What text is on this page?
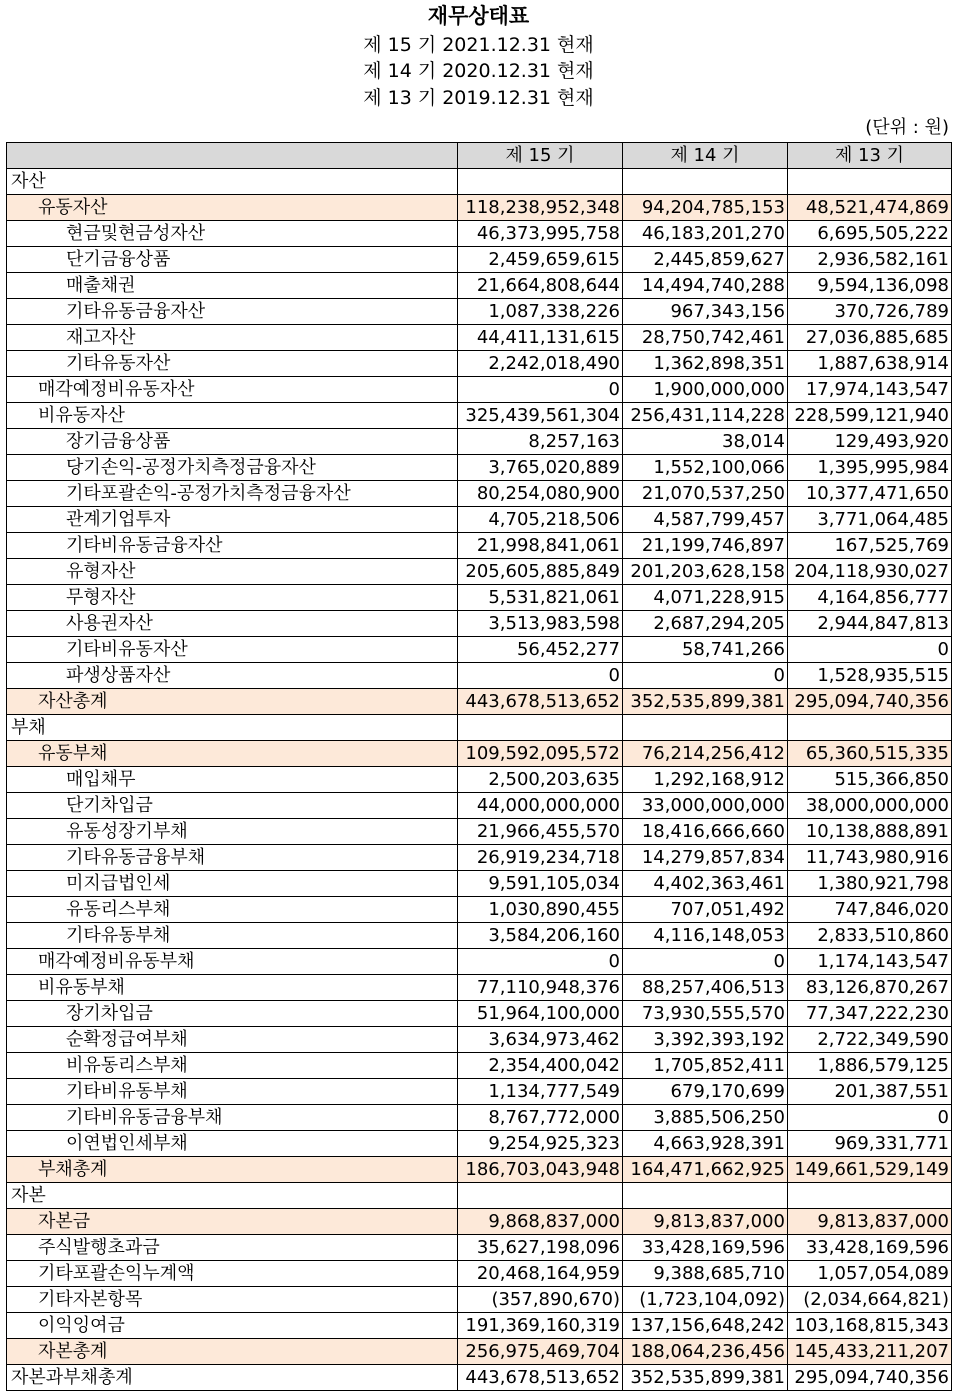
재무상태표
제 15 기 2021.12.31 현재
제 14 기 2020.12.31 현재
제 13 기 2019.12.31 현재
(단위 : 원)
	제 15 기	제 14 기	제 13 기
자산			
유동자산	118,238,952,348	94,204,785,153	48,521,474,869
현금및현금성자산	46,373,995,758	46,183,201,270	6,695,505,222
단기금융상품	2,459,659,615	2,445,859,627	2,936,582,161
매출채권	21,664,808,644	14,494,740,288	9,594,136,098
기타유동금융자산	1,087,338,226	967,343,156	370,726,789
재고자산	44,411,131,615	28,750,742,461	27,036,885,685
기타유동자산	2,242,018,490	1,362,898,351	1,887,638,914
매각예정비유동자산	0	1,900,000,000	17,974,143,547
비유동자산	325,439,561,304	256,431,114,228	228,599,121,940
장기금융상품	8,257,163	38,014	129,493,920
당기손익-공정가치측정금융자산	3,765,020,889	1,552,100,066	1,395,995,984
기타포괄손익-공정가치측정금융자산	80,254,080,900	21,070,537,250	10,377,471,650
관계기업투자	4,705,218,506	4,587,799,457	3,771,064,485
기타비유동금융자산	21,998,841,061	21,199,746,897	167,525,769
유형자산	205,605,885,849	201,203,628,158	204,118,930,027
무형자산	5,531,821,061	4,071,228,915	4,164,856,777
사용권자산	3,513,983,598	2,687,294,205	2,944,847,813
기타비유동자산	56,452,277	58,741,266	0
파생상품자산	0	0	1,528,935,515
자산총계	443,678,513,652	352,535,899,381	295,094,740,356
부채			
유동부채	109,592,095,572	76,214,256,412	65,360,515,335
매입채무	2,500,203,635	1,292,168,912	515,366,850
단기차입금	44,000,000,000	33,000,000,000	38,000,000,000
유동성장기부채	21,966,455,570	18,416,666,660	10,138,888,891
기타유동금융부채	26,919,234,718	14,279,857,834	11,743,980,916
미지급법인세	9,591,105,034	4,402,363,461	1,380,921,798
유동리스부채	1,030,890,455	707,051,492	747,846,020
기타유동부채	3,584,206,160	4,116,148,053	2,833,510,860
매각예정비유동부채	0	0	1,174,143,547
비유동부채	77,110,948,376	88,257,406,513	83,126,870,267
장기차입금	51,964,100,000	73,930,555,570	77,347,222,230
순확정급여부채	3,634,973,462	3,392,393,192	2,722,349,590
비유동리스부채	2,354,400,042	1,705,852,411	1,886,579,125
기타비유동부채	1,134,777,549	679,170,699	201,387,551
기타비유동금융부채	8,767,772,000	3,885,506,250	0
이연법인세부채	9,254,925,323	4,663,928,391	969,331,771
부채총계	186,703,043,948	164,471,662,925	149,661,529,149
자본			
자본금	9,868,837,000	9,813,837,000	9,813,837,000
주식발행초과금	35,627,198,096	33,428,169,596	33,428,169,596
기타포괄손익누계액	20,468,164,959	9,388,685,710	1,057,054,089
기타자본항목	(357,890,670)	(1,723,104,092)	(2,034,664,821)
이익잉여금	191,369,160,319	137,156,648,242	103,168,815,343
자본총계	256,975,469,704	188,064,236,456	145,433,211,207
자본과부채총계	443,678,513,652	352,535,899,381	295,094,740,356
